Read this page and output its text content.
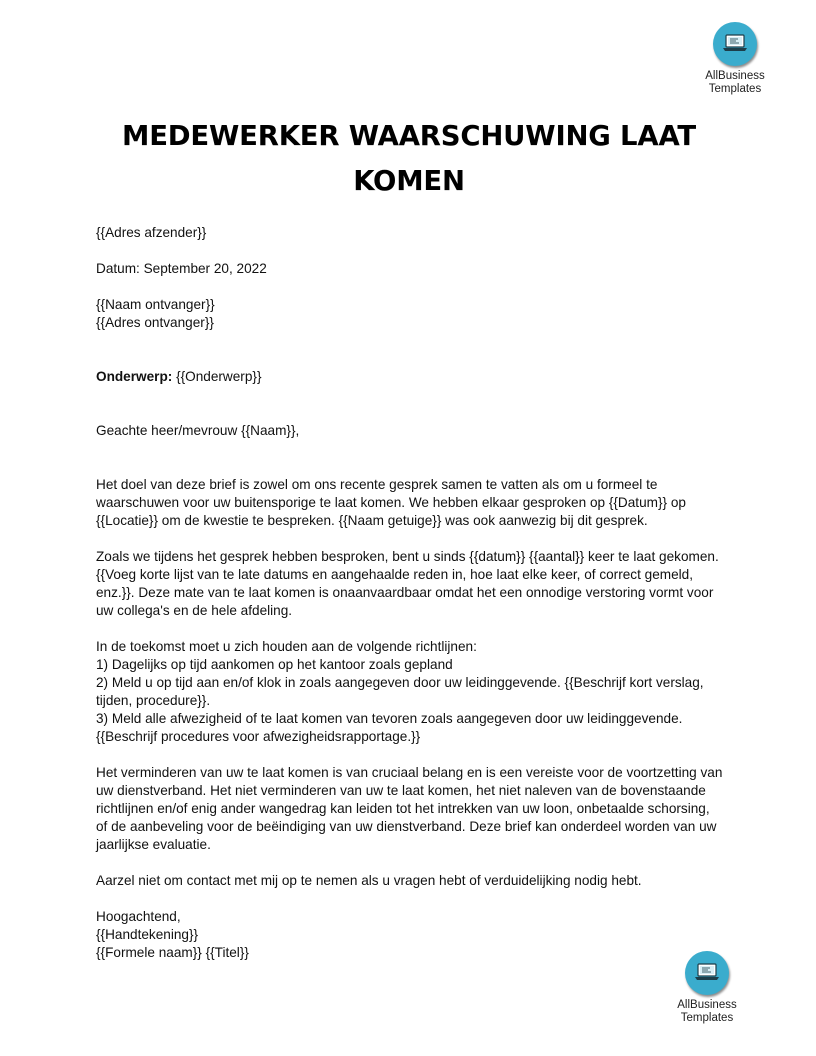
AllBusiness
Templates
MEDEWERKER WAARSCHUWING LAAT
KOMEN

{{Adres afzender}}

Datum: September 20, 2022

{{Naam ontvanger}}

{{Adres ontvanger}}

Onderwerp: {{Onderwerp}}

Geachte heer/mevrouw {{Naam}},

Het doel van deze brief is zowel om ons recente gesprek samen te vatten als om u formeel te

waarschuwen voor uw buitensporige te laat komen. We hebben elkaar gesproken op {{Datum}} op

{{Locatie}} om de kwestie te bespreken. {{Naam getuige}} was ook aanwezig bij dit gesprek.

Zoals we tijdens het gesprek hebben besproken, bent u sinds {{datum}} {{aantal}} keer te laat gekomen.

{{Voeg korte lijst van te late datums en aangehaalde reden in, hoe laat elke keer, of correct gemeld,

enz.}}. Deze mate van te laat komen is onaanvaardbaar omdat het een onnodige verstoring vormt voor

uw collega's en de hele afdeling.

In de toekomst moet u zich houden aan de volgende richtlijnen:

1) Dagelijks op tijd aankomen op het kantoor zoals gepland

2) Meld u op tijd aan en/of klok in zoals aangegeven door uw leidinggevende. {{Beschrijf kort verslag,

tijden, procedure}}.

3) Meld alle afwezigheid of te laat komen van tevoren zoals aangegeven door uw leidinggevende.

{{Beschrijf procedures voor afwezigheidsrapportage.}}

Het verminderen van uw te laat komen is van cruciaal belang en is een vereiste voor de voortzetting van

uw dienstverband. Het niet verminderen van uw te laat komen, het niet naleven van de bovenstaande

richtlijnen en/of enig ander wangedrag kan leiden tot het intrekken van uw loon, onbetaalde schorsing,

of de aanbeveling voor de beëindiging van uw dienstverband. Deze brief kan onderdeel worden van uw

jaarlijkse evaluatie.

Aarzel niet om contact met mij op te nemen als u vragen hebt of verduidelijking nodig hebt.

Hoogachtend,

{{Handtekening}}

{{Formele naam}} {{Titel}}

AllBusiness
Templates
